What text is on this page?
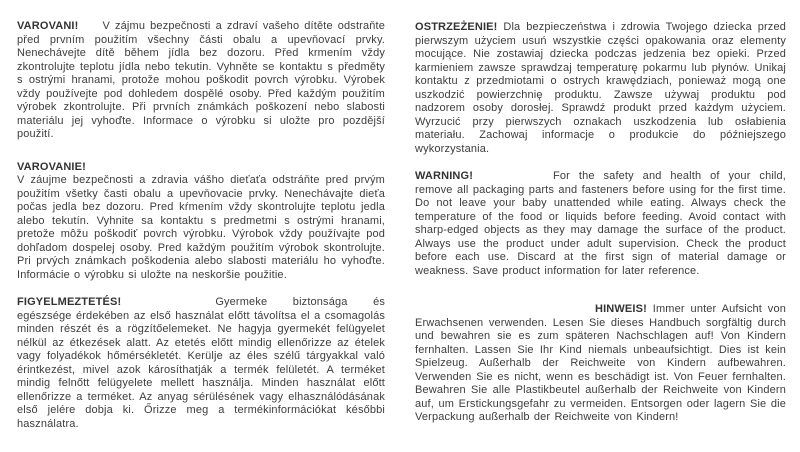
VAROVANI! V zájmu bezpečnosti a zdraví vašeho dítěte odstraňte před prvním použitím všechny části obalu a upevňovací prvky. Nenechávejte dítě během jídla bez dozoru. Před krmením vždy zkontrolujte teplotu jídla nebo tekutin. Vyhněte se kontaktu s předměty s ostrými hranami, protože mohou poškodit povrch výrobku. Výrobek vždy používejte pod dohledem dospělé osoby. Před každým použitím výrobek zkontrolujte. Při prvních známkách poškození nebo slabosti materiálu jej vyhoďte. Informace o výrobku si uložte pro pozdější použití.

VAROVANIE!
V záujme bezpečnosti a zdravia vášho dieťaťa odstráňte pred prvým použitím všetky časti obalu a upevňovacie prvky. Nenechávajte dieťa počas jedla bez dozoru. Pred kŕmením vždy skontrolujte teplotu jedla alebo tekutín. Vyhnite sa kontaktu s predmetmi s ostrými hranami, pretože môžu poškodiť povrch výrobku. Výrobok vždy používajte pod dohľadom dospelej osoby. Pred každým použitím výrobok skontrolujte. Pri prvých známkach poškodenia alebo slabosti materiálu ho vyhoďte. Informácie o výrobku si uložte na neskoršie použitie.

FIGYELMEZTETÉS!	Gyermeke biztonsága és egészsége érdekében az első használat előtt távolítsa el a csomagolás minden részét és a rögzítőelemeket. Ne hagyja gyermekét felügyelet nélkül az étkezések alatt. Az etetés előtt mindig ellenőrizze az ételek vagy folyadékok hőmérsékletét. Kerülje az éles szélű tárgyakkal való érintkezést, mivel azok károsíthatják a termék felületét. A terméket mindig felnőtt felügyelete mellett használja. Minden használat előtt ellenőrizze a terméket. Az anyag sérülésének vagy elhasználódásának első jelére dobja ki. Őrizze meg a termékinformációkat későbbi használatra.

OSTRZEŻENIE! Dla bezpieczeństwa i zdrowia Twojego dziecka przed pierwszym użyciem usuń wszystkie części opakowania oraz elementy mocujące. Nie zostawiaj dziecka podczas jedzenia bez opieki. Przed karmieniem zawsze sprawdzaj temperaturę pokarmu lub płynów. Unikaj kontaktu z przedmiotami o ostrych krawędziach, ponieważ mogą one uszkodzić powierzchnię produktu. Zawsze używaj produktu pod nadzorem osoby dorosłej. Sprawdź produkt przed każdym użyciem. Wyrzucić przy pierwszych oznakach uszkodzenia lub osłabienia materiału. Zachowaj informacje o produkcie do późniejszego wykorzystania.

WARNING!	For the safety and health of your child, remove all packaging parts and fasteners before using for the first time. Do not leave your baby unattended while eating. Always check the temperature of the food or liquids before feeding. Avoid contact with sharp-edged objects as they may damage the surface of the product. Always use the product under adult supervision. Check the product before each use. Discard at the first sign of material damage or weakness. Save product information for later reference.

HINWEIS! Immer unter Aufsicht von Erwachsenen verwenden. Lesen Sie dieses Handbuch sorgfältig durch und bewahren sie es zum späteren Nachschlagen auf! Von Kindern fernhalten. Lassen Sie Ihr Kind niemals unbeaufsichtigt. Dies ist kein Spielzeug. Außerhalb der Reichweite von Kindern aufbewahren. Verwenden Sie es nicht, wenn es beschädigt ist. Von Feuer fernhalten. Bewahren Sie alle Plastikbeutel außerhalb der Reichweite von Kindern auf, um Erstickungsgefahr zu vermeiden. Entsorgen oder lagern Sie die Verpackung außerhalb der Reichweite von Kindern!
